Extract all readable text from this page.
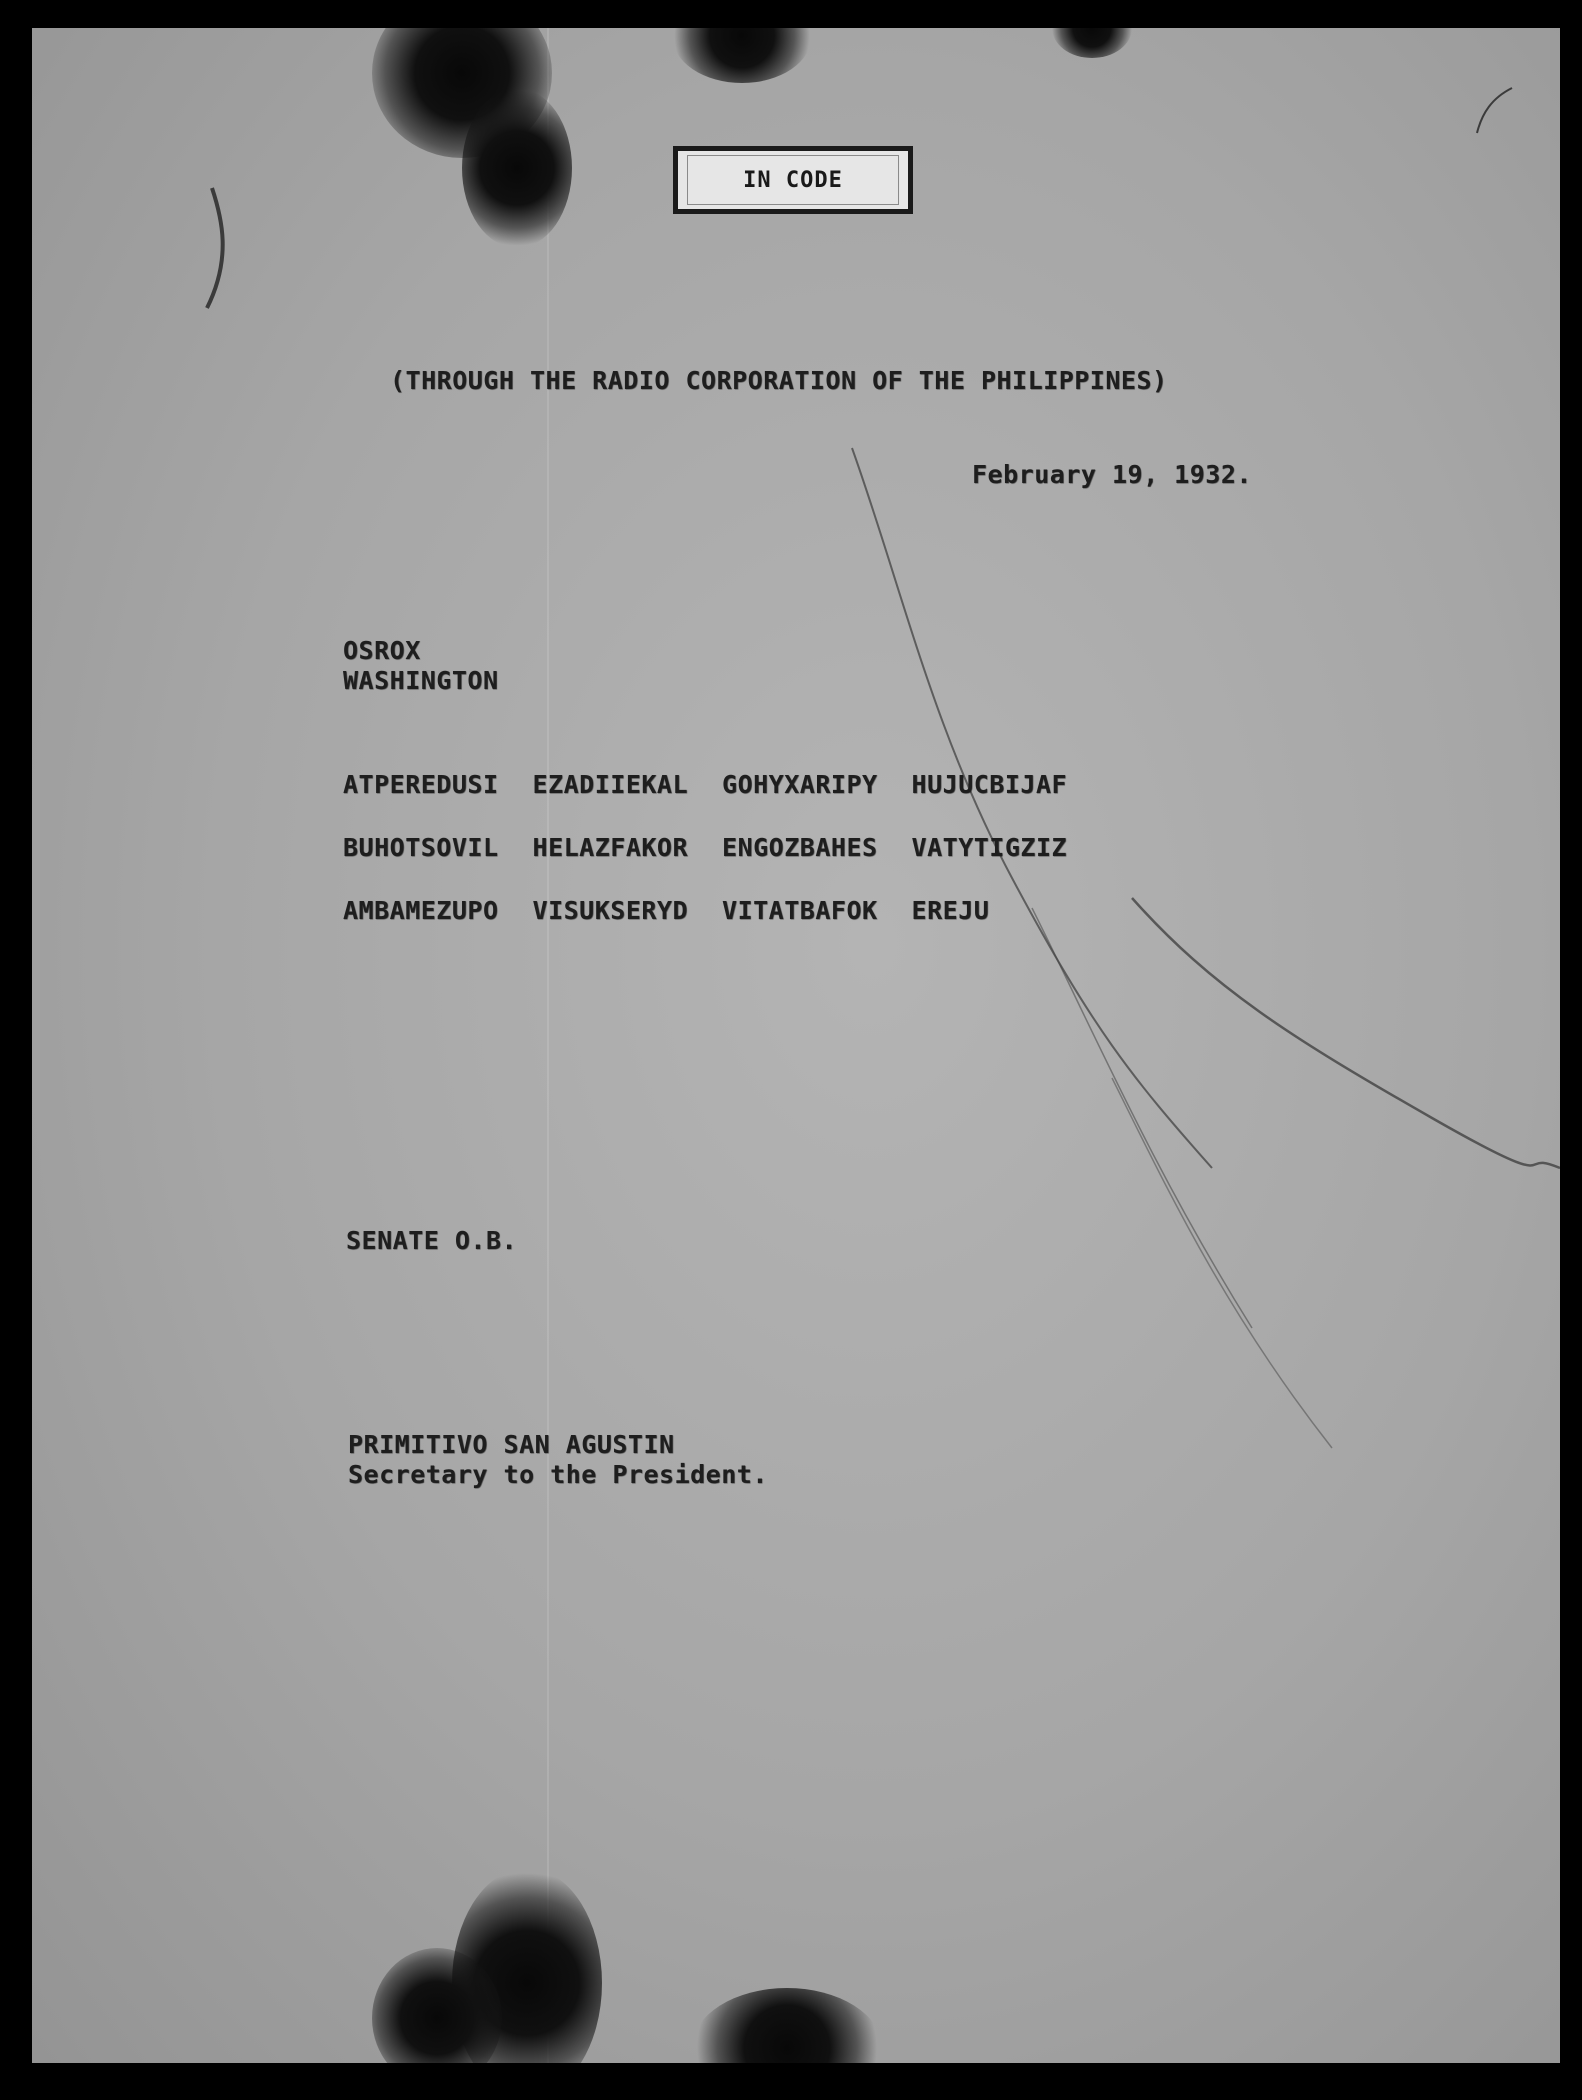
IN CODE
(THROUGH THE RADIO CORPORATION OF THE PHILIPPINES)
February 19, 1932.
OSROX
WASHINGTON
ATPEREDUSI EZADIIEKAL GOHYXARIPY HUJUCBIJAF
BUHOTSOVIL HELAZFAKOR ENGOZBAHES VATYTIGZIZ
AMBAMEZUPO VISUKSERYD VITATBAFOK EREJU
SENATE O.B.
PRIMITIVO SAN AGUSTIN
Secretary to the President.
